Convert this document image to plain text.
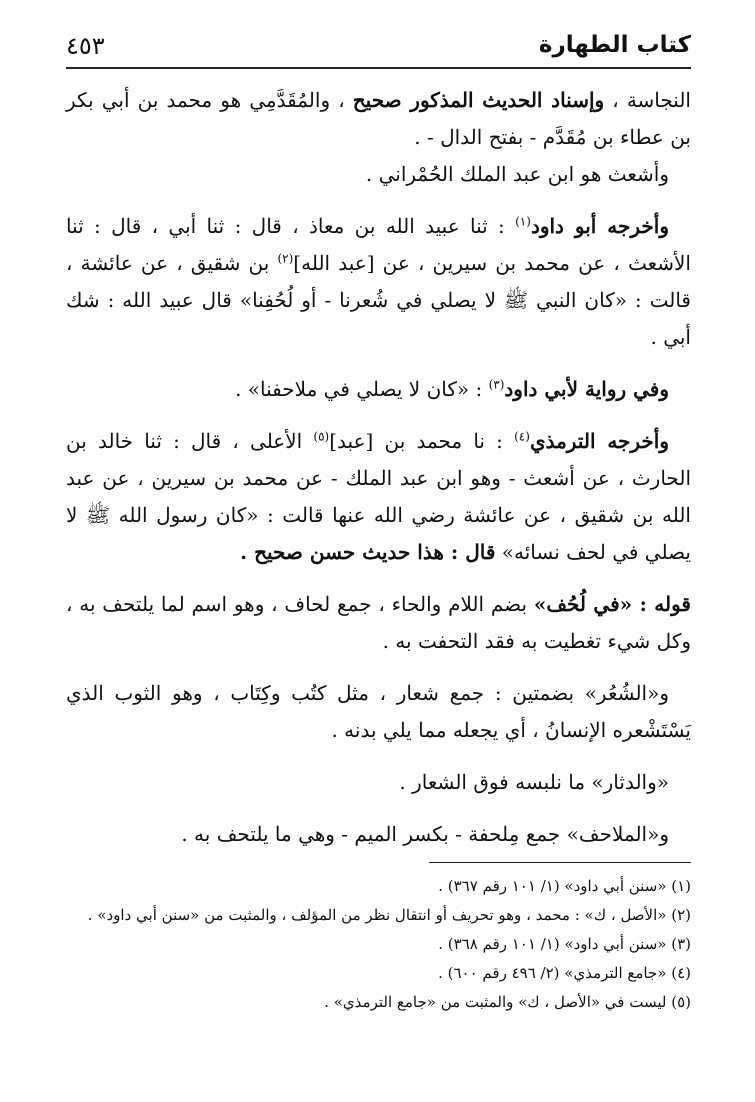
كتاب الطهارة
٤٥٣

النجاسة ، وإسناد الحديث المذكور صحيح ، والمُقَدَّمِي هو محمد بن أبي بكر بن عطاء بن مُقَدَّم - بفتح الدال - .

وأشعث هو ابن عبد الملك الحُمْراني .

وأخرجه أبو داود$^{(١)}$ : ثنا عبيد الله بن معاذ ، قال : ثنا أبي ، قال : ثنا الأشعث ، عن محمد بن سيرين ، عن [عبد الله]$^{(٢)}$ بن شقيق ، عن عائشة ، قالت : «كان النبي ﷺ لا يصلي في شُعرنا - أو لُحُفِنا» قال عبيد الله : شك أبي .

وفي رواية لأبي داود$^{(٣)}$ : «كان لا يصلي في ملاحفنا» .

وأخرجه الترمذي$^{(٤)}$ : نا محمد بن [عبد]$^{(٥)}$ الأعلى ، قال : ثنا خالد بن الحارث ، عن أشعث - وهو ابن عبد الملك - عن محمد بن سيرين ، عن عبد الله بن شقيق ، عن عائشة رضي الله عنها قالت : «كان رسول الله ﷺ لا يصلي في لحف نسائه» قال : هذا حديث حسن صحيح .

قوله : «في لُحُف» بضم اللام والحاء ، جمع لحاف ، وهو اسم لما يلتحف به ، وكل شيء تغطيت به فقد التحفت به .

و«الشُعُر» بضمتين : جمع شعار ، مثل كتُب وكِتَاب ، وهو الثوب الذي يَسْتَشْعره الإنسانُ ، أي يجعله مما يلي بدنه .

«والدثار» ما نلبسه فوق الشعار .

و«الملاحف» جمع مِلحفة - بكسر الميم - وهي ما يلتحف به .

(١) «سنن أبي داود» (١/ ١٠١ رقم ٣٦٧) .

(٢) «الأصل ، ك» : محمد ، وهو تحريف أو انتقال نظر من المؤلف ، والمثبت من «سنن أبي داود» .

(٣) «سنن أبي داود» (١/ ١٠١ رقم ٣٦٨) .

(٤) «جامع الترمذي» (٢/ ٤٩٦ رقم ٦٠٠) .

(٥) ليست في «الأصل ، ك» والمثبت من «جامع الترمذي» .
